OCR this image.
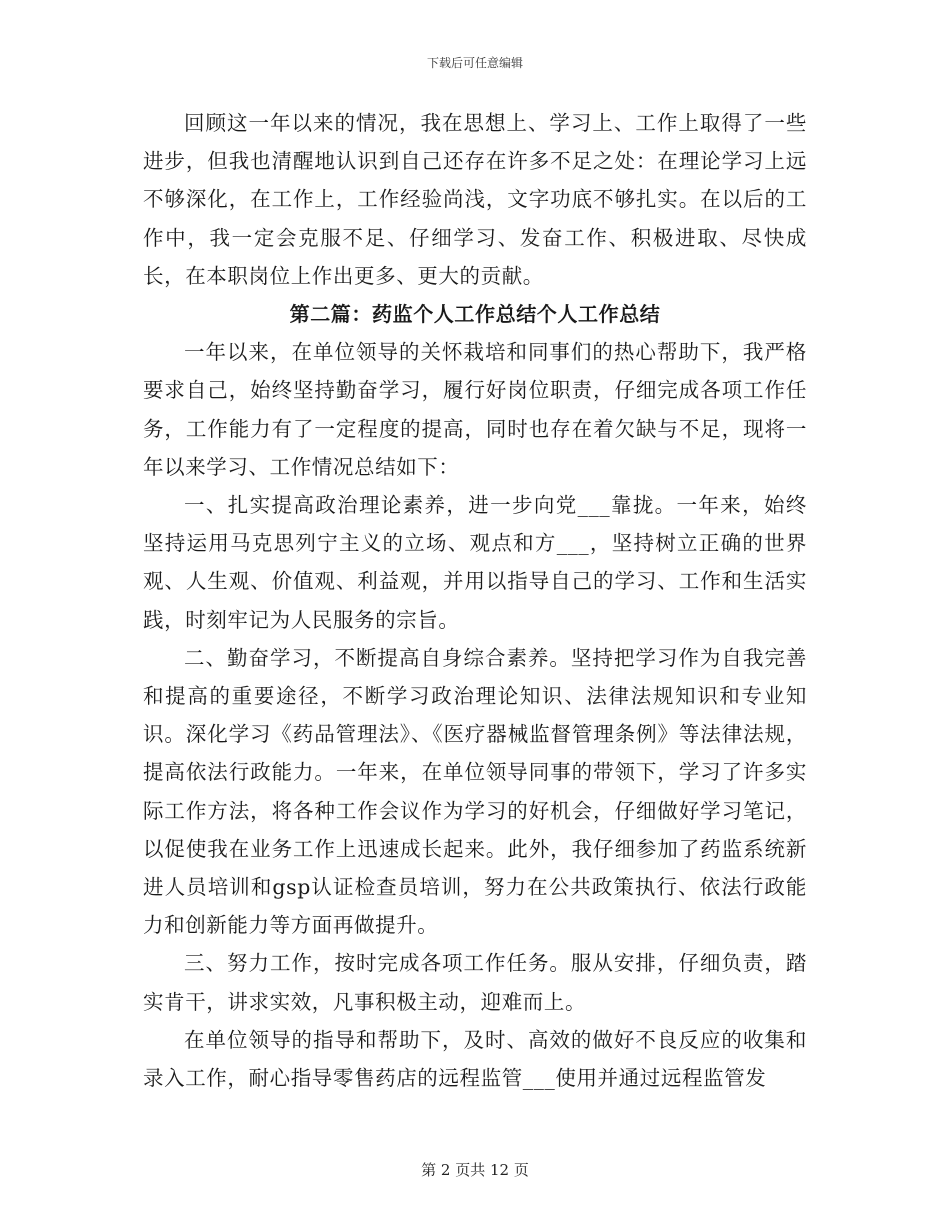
下载后可任意编辑

回顾这一年以来的情况，我在思想上、学习上、工作上取得了一些进步，但我也清醒地认识到自己还存在许多不足之处：在理论学习上远不够深化，在工作上，工作经验尚浅，文字功底不够扎实。在以后的工作中，我一定会克服不足、仔细学习、发奋工作、积极进取、尽快成长，在本职岗位上作出更多、更大的贡献。

第二篇：药监个人工作总结个人工作总结

一年以来，在单位领导的关怀栽培和同事们的热心帮助下，我严格要求自己，始终坚持勤奋学习，履行好岗位职责，仔细完成各项工作任务，工作能力有了一定程度的提高，同时也存在着欠缺与不足，现将一年以来学习、工作情况总结如下：

一、扎实提高政治理论素养，进一步向党___靠拢。一年来，始终坚持运用马克思列宁主义的立场、观点和方___，坚持树立正确的世界观、人生观、价值观、利益观，并用以指导自己的学习、工作和生活实践，时刻牢记为人民服务的宗旨。

二、勤奋学习，不断提高自身综合素养。坚持把学习作为自我完善和提高的重要途径，不断学习政治理论知识、法律法规知识和专业知识。深化学习《药品管理法》、《医疗器械监督管理条例》等法律法规，提高依法行政能力。一年来，在单位领导同事的带领下，学习了许多实际工作方法，将各种工作会议作为学习的好机会，仔细做好学习笔记，以促使我在业务工作上迅速成长起来。此外，我仔细参加了药监系统新进人员培训和gsp认证检查员培训，努力在公共政策执行、依法行政能力和创新能力等方面再做提升。

三、努力工作，按时完成各项工作任务。服从安排，仔细负责，踏实肯干，讲求实效，凡事积极主动，迎难而上。

在单位领导的指导和帮助下，及时、高效的做好不良反应的收集和录入工作，耐心指导零售药店的远程监管___使用并通过远程监管发

第 2 页共 12 页
